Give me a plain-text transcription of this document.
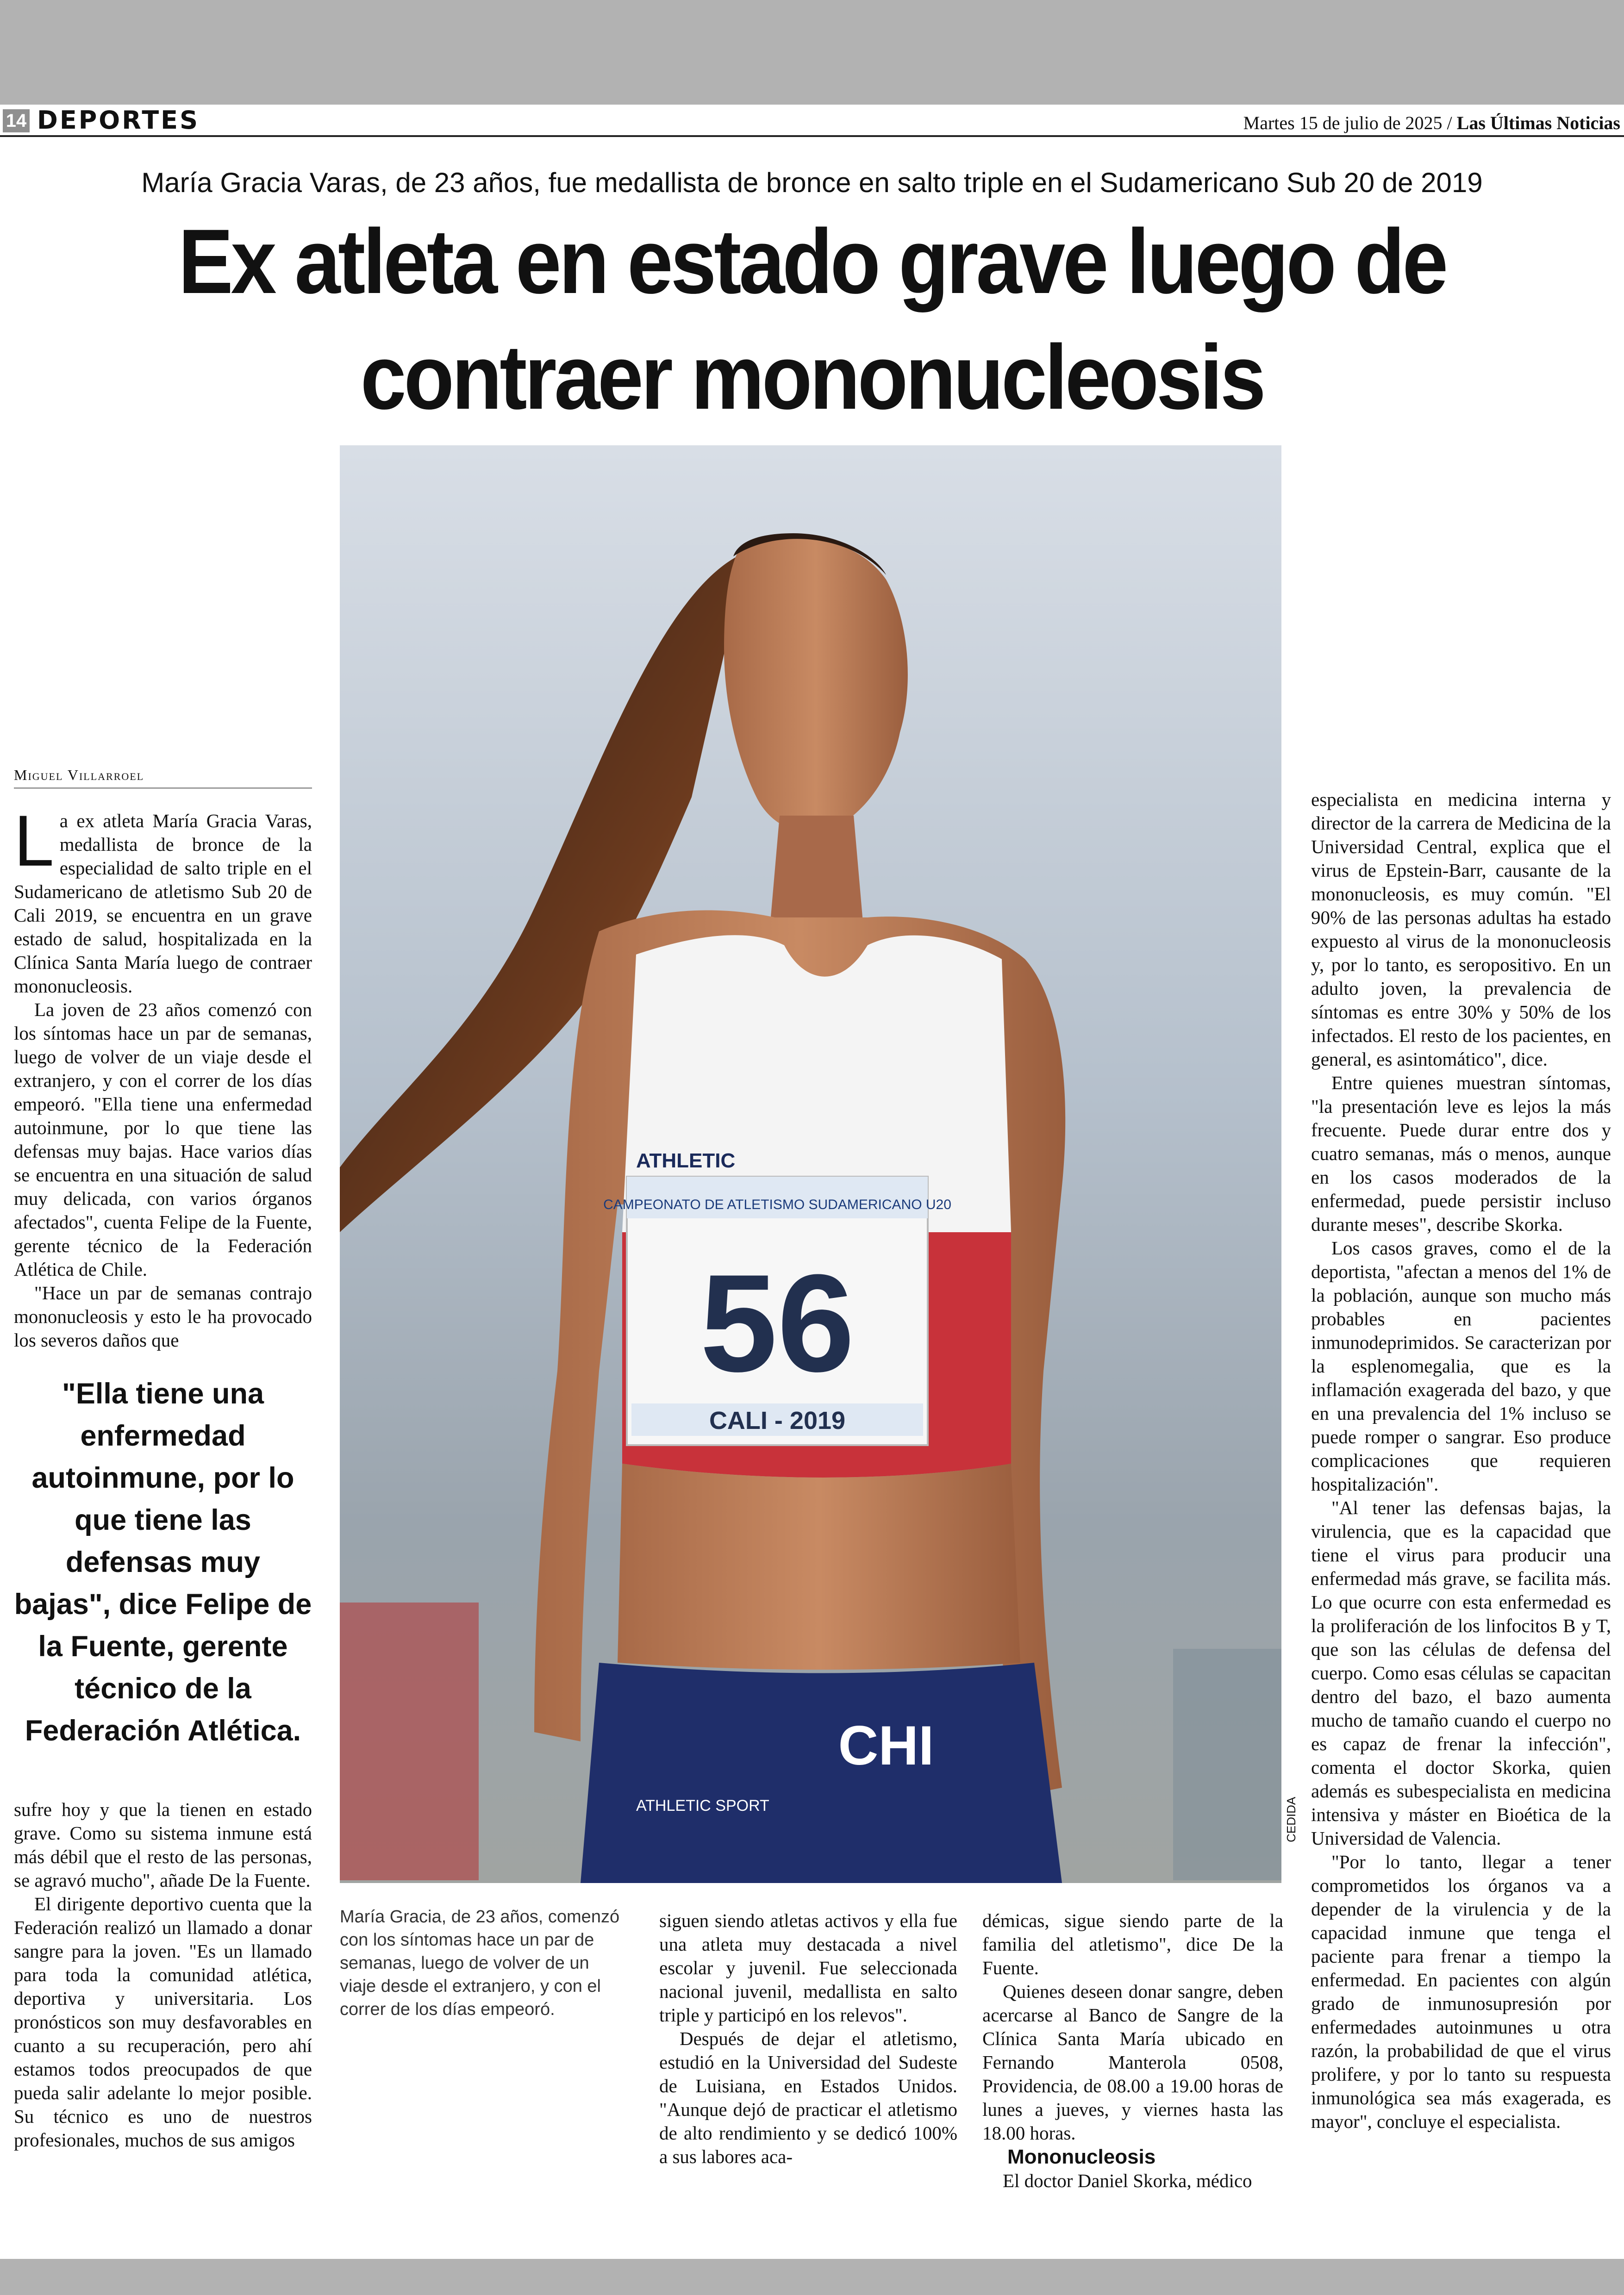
14 DEPORTES	Martes 15 de julio de 2025 / Las Últimas Noticias
María Gracia Varas, de 23 años, fue medallista de bronce en salto triple en el Sudamericano Sub 20 de 2019
Ex atleta en estado grave luego de contraer mononucleosis
CAMPEONATO DE ATLETISMO SUDAMERICANO U20
ATHLETIC
56
CALI - 2019
CHI
ATHLETIC SPORT	CEDIDA
María Gracia, de 23 años, comenzó con los síntomas hace un par de semanas, luego de volver de un viaje desde el extranjero, y con el correr de los días empeoró.
Miguel Villarroel

La ex atleta María Gracia Varas, medallista de bronce de la especialidad de salto triple en el Sudamericano de atletismo Sub 20 de Cali 2019, se encuentra en un grave estado de salud, hospitalizada en la Clínica Santa María luego de contraer mononucleosis.

La joven de 23 años comenzó con los síntomas hace un par de semanas, luego de volver de un viaje desde el extranjero, y con el correr de los días empeoró. "Ella tiene una enfermedad autoinmune, por lo que tiene las defensas muy bajas. Hace varios días se encuentra en una situación de salud muy delicada, con varios órganos afectados", cuenta Felipe de la Fuente, gerente técnico de la Federación Atlética de Chile.

"Hace un par de semanas contrajo mononucleosis y esto le ha provocado los severos daños que

"Ella tiene una enfermedad autoinmune, por lo que tiene las defensas muy bajas", dice Felipe de la Fuente, gerente técnico de la Federación Atlética.

sufre hoy y que la tienen en estado grave. Como su sistema inmune está más débil que el resto de las personas, se agravó mucho", añade De la Fuente.

El dirigente deportivo cuenta que la Federación realizó un llamado a donar sangre para la joven. "Es un llamado para toda la comunidad atlética, deportiva y universitaria. Los pronósticos son muy desfavorables en cuanto a su recuperación, pero ahí estamos todos preocupados de que pueda salir adelante lo mejor posible. Su técnico es uno de nuestros profesionales, muchos de sus amigos

siguen siendo atletas activos y ella fue una atleta muy destacada a nivel escolar y juvenil. Fue seleccionada nacional juvenil, medallista en salto triple y participó en los relevos".

Después de dejar el atletismo, estudió en la Universidad del Sudeste de Luisiana, en Estados Unidos. "Aunque dejó de practicar el atletismo de alto rendimiento y se dedicó 100% a sus labores aca-

démicas, sigue siendo parte de la familia del atletismo", dice De la Fuente.

Quienes deseen donar sangre, deben acercarse al Banco de Sangre de la Clínica Santa María ubicado en Fernando Manterola 0508, Providencia, de 08.00 a 19.00 horas de lunes a jueves, y viernes hasta las 18.00 horas.

Mononucleosis

El doctor Daniel Skorka, médico

especialista en medicina interna y director de la carrera de Medicina de la Universidad Central, explica que el virus de Epstein-Barr, causante de la mononucleosis, es muy común. "El 90% de las personas adultas ha estado expuesto al virus de la mononucleosis y, por lo tanto, es seropositivo. En un adulto joven, la prevalencia de síntomas es entre 30% y 50% de los infectados. El resto de los pacientes, en general, es asintomático", dice.

Entre quienes muestran síntomas, "la presentación leve es lejos la más frecuente. Puede durar entre dos y cuatro semanas, más o menos, aunque en los casos moderados de la enfermedad, puede persistir incluso durante meses", describe Skorka.

Los casos graves, como el de la deportista, "afectan a menos del 1% de la población, aunque son mucho más probables en pacientes inmunodeprimidos. Se caracterizan por la esplenomegalia, que es la inflamación exagerada del bazo, y que en una prevalencia del 1% incluso se puede romper o sangrar. Eso produce complicaciones que requieren hospitalización".

"Al tener las defensas bajas, la virulencia, que es la capacidad que tiene el virus para producir una enfermedad más grave, se facilita más. Lo que ocurre con esta enfermedad es la proliferación de los linfocitos B y T, que son las células de defensa del cuerpo. Como esas células se capacitan dentro del bazo, el bazo aumenta mucho de tamaño cuando el cuerpo no es capaz de frenar la infección", comenta el doctor Skorka, quien además es subespecialista en medicina intensiva y máster en Bioética de la Universidad de Valencia.

"Por lo tanto, llegar a tener comprometidos los órganos va a depender de la virulencia y de la capacidad inmune que tenga el paciente para frenar a tiempo la enfermedad. En pacientes con algún grado de inmunosupresión por enfermedades autoinmunes u otra razón, la probabilidad de que el virus prolifere, y por lo tanto su respuesta inmunológica sea más exagerada, es mayor", concluye el especialista.
